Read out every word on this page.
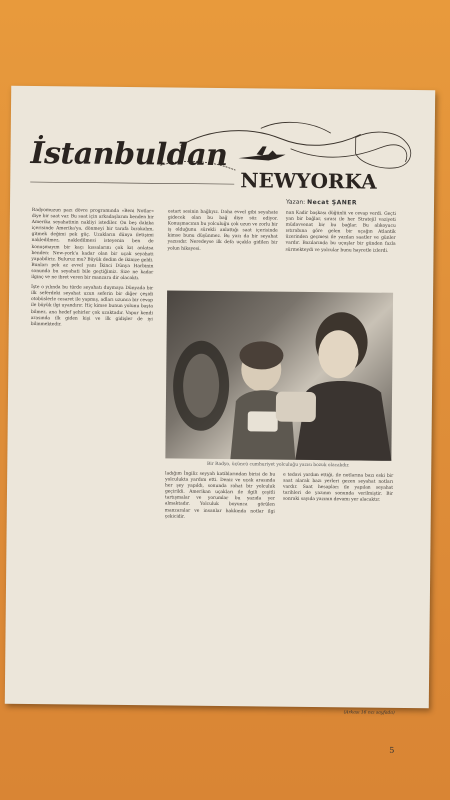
İstanbuldan
NEWYORKA
Yazan: Necat ŞANER

Radyomuzun pazı dövre programında «Beni Notlar» diye bir saat var. Bu saat için arkadaşlarım benden bir Amerika seyahatinin nakliyi istediler. On beş dakika içerisinde Amerika'ya, dönmeyi bir tarafa bırakalım, gitmek değimi pek güç. Uzakların dünya iletişimi nakledilmez, nakledilmesi isteyenin ben de konuşmayım bir kaçı kıssalarını çok kıt anlatsa benden: New-york'a kadar olan bir uçak seyahati yapabiliriz. Buluruz mu? Büyük dedim de ikinize geldi. Bunları pek az evvel yanı İkinci Dünya Harbinin sonunda bu seyahati bile geçtiğimiz. Size ne kadar ilginç ve ne ibret veren bir manzara dir olacaktı.

İşte o yılında bu türde seyahatı duymaya Dünyada bir ilk seferdeki seyahat uzun seferin bir diğer çeşidi otobüslerle cesaret ile yapmış, adları uzunca bir cevap ile büyük ilgi uyandırır. Hiç kimse bunun yolunu başta bilmez, ana hedef şehirler çok uzaktadır. Vapur kendi arasında ilk giden kişi ve ilk gidişler de iyi bilinmektedir.

ostart sesinin bağlıyız. Daha evvel gibi seyahate gidecek olan bu bağ diye söz ediyor. Konuşmacının bu yolculuğu çok uzun ve zorlu bir iş olduğunu sürekli anlattığı saat içerisinde kimse bunu düşünmez. Bu yazı da bir seyahat yazısıdır. Neredeyse ilk defa uçakla gidilen bir yolun hikayesi.

nan Kadir başkası düğünlü ve cevap verdi. Geçti yan bir bağlar, sırasi ile her Stratejil vaziyeti müdavvenat bir bu bağlar. Bu alıkoyucu ıstırabına göre gelen bir uçağın Atlantik üzerinden geçmesi ile yazılan saatler ve günler vardır. Bazılarında bu uçuşlar bir günden fazla sürmekteydi ve yolcular bunu hayretle izlerdi.

Bir Radyo, üçüncü cumhuriyet yolculuğu yazısı bozuk olacakdır.

ladığım İngiliz seyyah katiblarından birisi de bu yolculukta yardım etti. Deniz ve uçak arasında her şey yapıldı, sonunda rahat bir yolculuk geçirildi. Amerikan uçakları ile ilgili çeşitli tartışmalar ve yorumlar bu yazıda yer almaktadır. Yolculuk boyunca görülen manzaralar ve insanlar hakkında notlar ilgi çekicidir.

e tedavi yardım ettiği, ile notlarına bazı eski bir saat alarak bazı yerleri gezen seyahat notları vardır. Saat hesapları ile yapılan seyahat tarihleri de yazının sonunda verilmiştir. Bir sonraki sayıda yazının devamı yer alacaktır.

(Arkası 16 ncı sayfada)
5
